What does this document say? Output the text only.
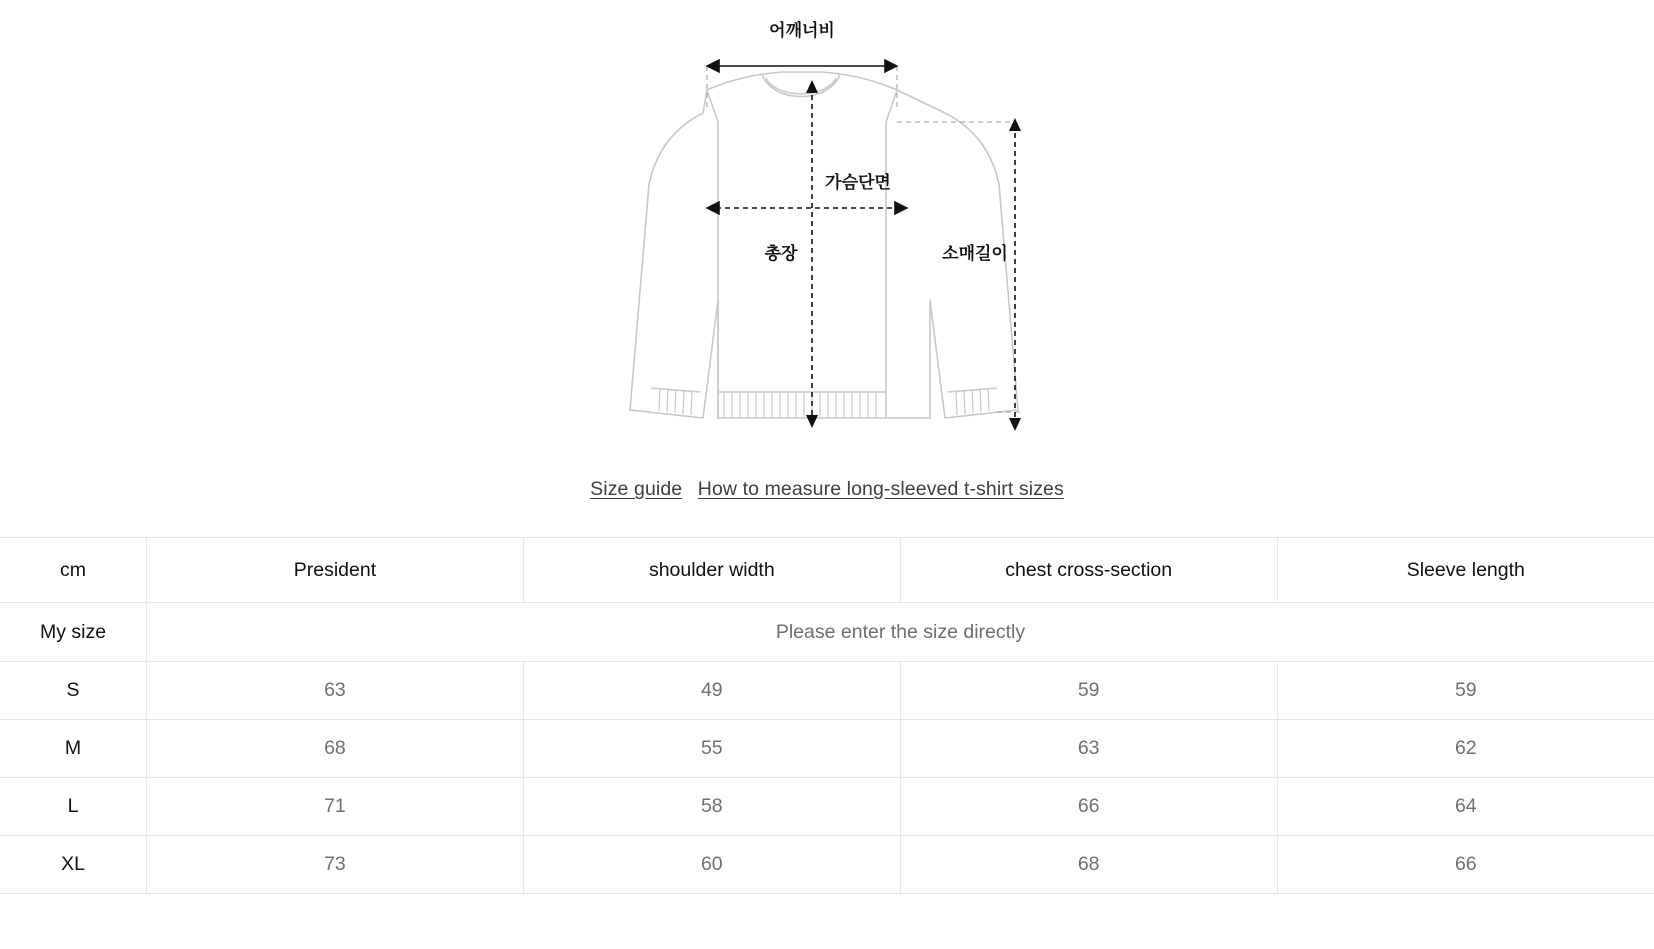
어깨너비
가슴단면
총장	소매길이
Size guide How to measure long-sleeved t-shirt sizes
cm	President	shoulder width	chest cross-section	Sleeve length
My size	Please enter the size directly			
S	63	49	59	59
M	68	55	63	62
L	71	58	66	64
XL	73	60	68	66
